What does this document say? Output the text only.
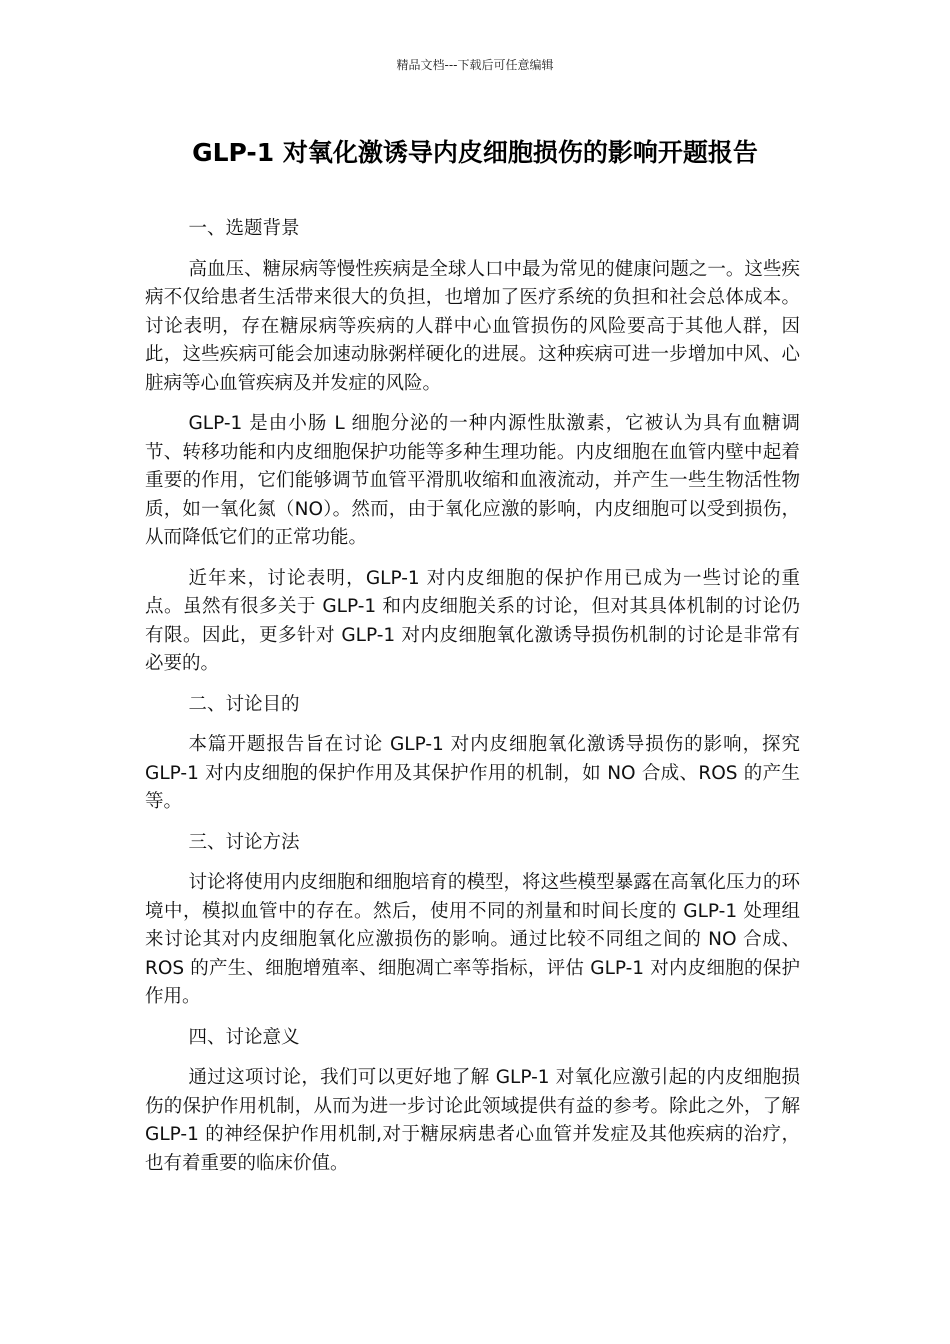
精品文档---下载后可任意编辑
GLP-1 对氧化激诱导内皮细胞损伤的影响开题报告
一、选题背景

高血压、糖尿病等慢性疾病是全球人口中最为常见的健康问题之一。这些疾病不仅给患者生活带来很大的负担，也增加了医疗系统的负担和社会总体成本。讨论表明，存在糖尿病等疾病的人群中心血管损伤的风险要高于其他人群，因此，这些疾病可能会加速动脉粥样硬化的进展。这种疾病可进一步增加中风、心脏病等心血管疾病及并发症的风险。

GLP-1 是由小肠 L 细胞分泌的一种内源性肽激素，它被认为具有血糖调节、转移功能和内皮细胞保护功能等多种生理功能。内皮细胞在血管内壁中起着重要的作用，它们能够调节血管平滑肌收缩和血液流动，并产生一些生物活性物质，如一氧化氮（NO）。然而，由于氧化应激的影响，内皮细胞可以受到损伤，从而降低它们的正常功能。

近年来，讨论表明，GLP-1 对内皮细胞的保护作用已成为一些讨论的重点。虽然有很多关于 GLP-1 和内皮细胞关系的讨论，但对其具体机制的讨论仍有限。因此，更多针对 GLP-1 对内皮细胞氧化激诱导损伤机制的讨论是非常有必要的。

二、讨论目的

本篇开题报告旨在讨论 GLP-1 对内皮细胞氧化激诱导损伤的影响，探究 GLP-1 对内皮细胞的保护作用及其保护作用的机制，如 NO 合成、ROS 的产生等。

三、讨论方法

讨论将使用内皮细胞和细胞培育的模型，将这些模型暴露在高氧化压力的环境中，模拟血管中的存在。然后，使用不同的剂量和时间长度的 GLP-1 处理组来讨论其对内皮细胞氧化应激损伤的影响。通过比较不同组之间的 NO 合成、ROS 的产生、细胞增殖率、细胞凋亡率等指标，评估 GLP-1 对内皮细胞的保护作用。

四、讨论意义

通过这项讨论，我们可以更好地了解 GLP-1 对氧化应激引起的内皮细胞损伤的保护作用机制，从而为进一步讨论此领域提供有益的参考。除此之外，了解 GLP-1 的神经保护作用机制,对于糖尿病患者心血管并发症及其他疾病的治疗，也有着重要的临床价值。
